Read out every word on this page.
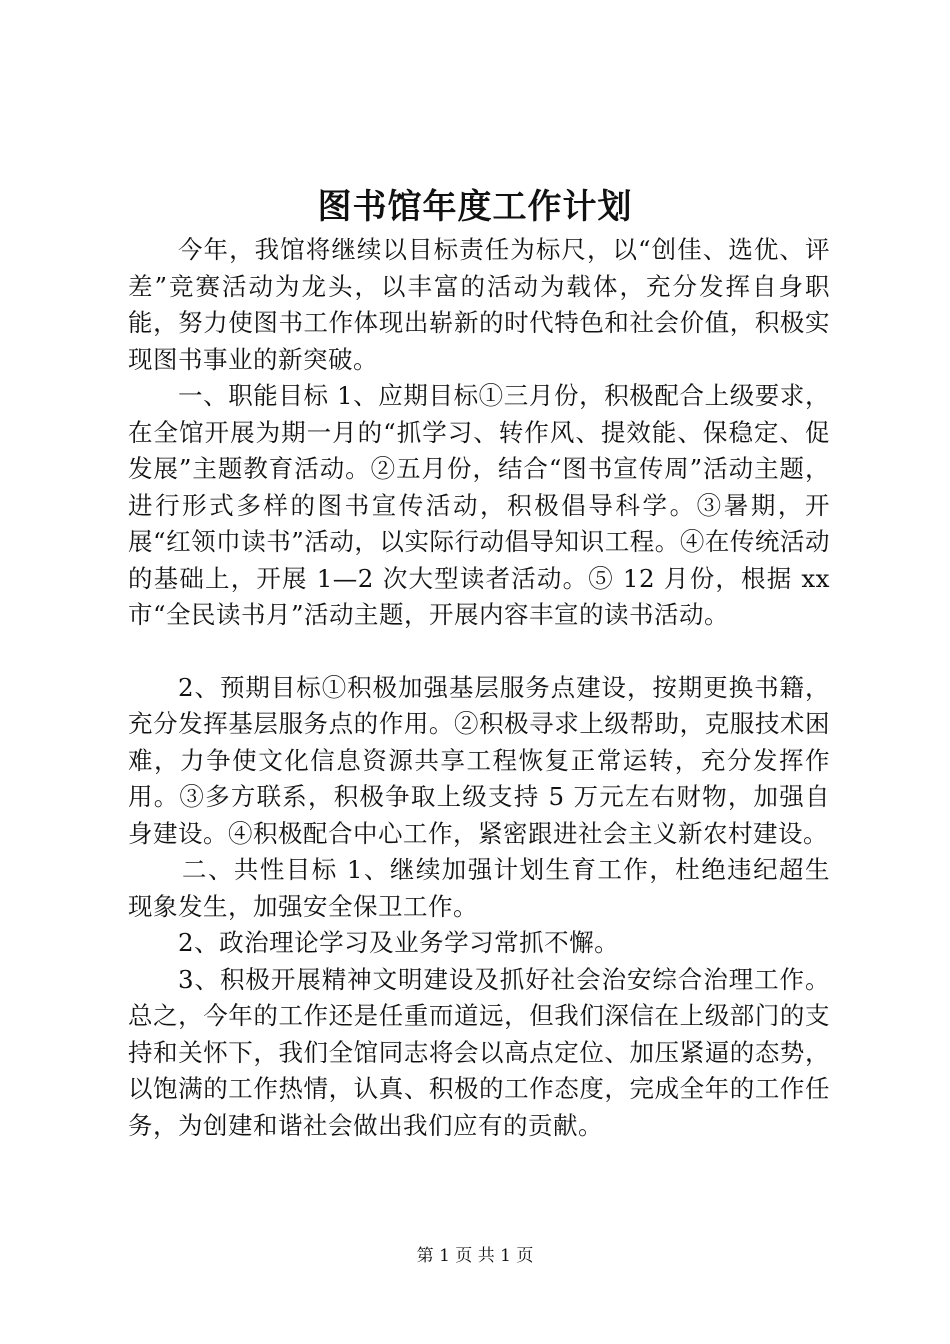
图书馆年度工作计划

今年，我馆将继续以目标责任为标尺，以“创佳、选优、评差”竞赛活动为龙头，以丰富的活动为载体，充分发挥自身职能，努力使图书工作体现出崭新的时代特色和社会价值，积极实现图书事业的新突破。

一、职能目标 1、应期目标①三月份，积极配合上级要求，在全馆开展为期一月的“抓学习、转作风、提效能、保稳定、促发展”主题教育活动。②五月份，结合“图书宣传周”活动主题，进行形式多样的图书宣传活动，积极倡导科学。③暑期，开展“红领巾读书”活动，以实际行动倡导知识工程。④在传统活动的基础上，开展 1—2 次大型读者活动。⑤ 12 月份，根据 xx 市“全民读书月”活动主题，开展内容丰宣的读书活动。

2、预期目标①积极加强基层服务点建设，按期更换书籍，充分发挥基层服务点的作用。②积极寻求上级帮助，克服技术困难，力争使文化信息资源共享工程恢复正常运转，充分发挥作用。③多方联系，积极争取上级支持 5 万元左右财物，加强自身建设。④积极配合中心工作，紧密跟进社会主义新农村建设。

二、共性目标 1、继续加强计划生育工作，杜绝违纪超生现象发生，加强安全保卫工作。

2、政治理论学习及业务学习常抓不懈。

3、积极开展精神文明建设及抓好社会治安综合治理工作。总之，今年的工作还是任重而道远，但我们深信在上级部门的支持和关怀下，我们全馆同志将会以高点定位、加压紧逼的态势，以饱满的工作热情，认真、积极的工作态度，完成全年的工作任务，为创建和谐社会做出我们应有的贡献。

第 1 页 共 1 页
